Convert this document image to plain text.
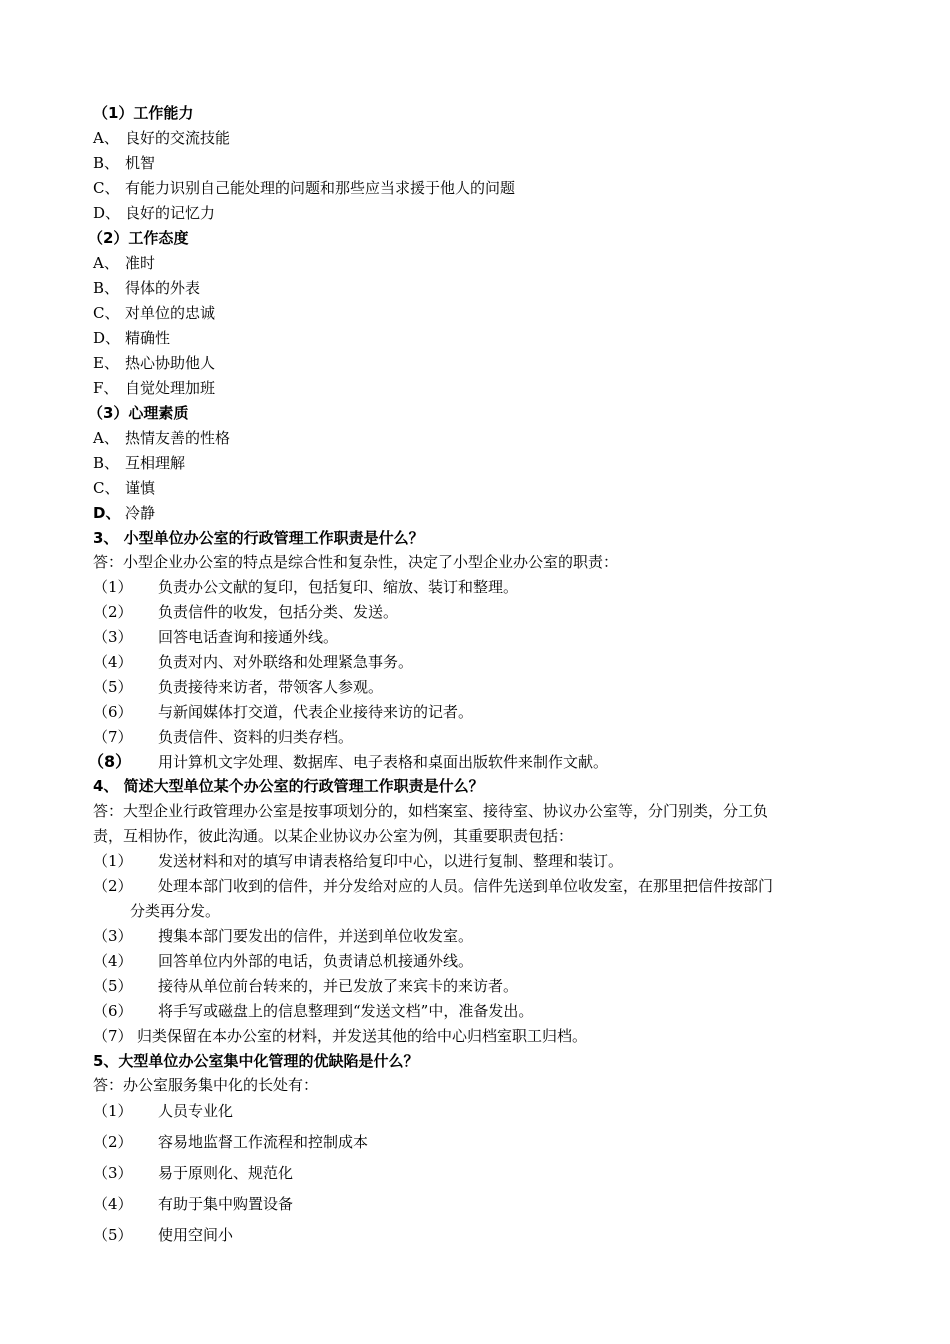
（1）工作能力
A、 良好的交流技能
B、 机智
C、 有能力识别自己能处理的问题和那些应当求援于他人的问题
D、 良好的记忆力
（2）工作态度
A、 准时
B、 得体的外表
C、 对单位的忠诚
D、 精确性
E、 热心协助他人
F、 自觉处理加班
（3）心理素质
A、 热情友善的性格
B、 互相理解
C、 谨慎
D、 冷静
3、 小型单位办公室的行政管理工作职责是什么？
答：小型企业办公室的特点是综合性和复杂性，决定了小型企业办公室的职责：
（1） 负责办公文献的复印，包括复印、缩放、装订和整理。
（2） 负责信件的收发，包括分类、发送。
（3） 回答电话查询和接通外线。
（4） 负责对内、对外联络和处理紧急事务。
（5） 负责接待来访者，带领客人参观。
（6） 与新闻媒体打交道，代表企业接待来访的记者。
（7） 负责信件、资料的归类存档。
（8） 用计算机文字处理、数据库、电子表格和桌面出版软件来制作文献。
4、 简述大型单位某个办公室的行政管理工作职责是什么？
答：大型企业行政管理办公室是按事项划分的，如档案室、接待室、协议办公室等，分门别类，分工负
责，互相协作，彼此沟通。以某企业协议办公室为例，其重要职责包括：
（1） 发送材料和对的填写申请表格给复印中心，以进行复制、整理和装订。
（2） 处理本部门收到的信件，并分发给对应的人员。信件先送到单位收发室，在那里把信件按部门
分类再分发。
（3） 搜集本部门要发出的信件，并送到单位收发室。
（4） 回答单位内外部的电话，负责请总机接通外线。
（5） 接待从单位前台转来的，并已发放了来宾卡的来访者。
（6） 将手写或磁盘上的信息整理到“发送文档”中，准备发出。
（7） 归类保留在本办公室的材料，并发送其他的给中心归档室职工归档。
5、大型单位办公室集中化管理的优缺陷是什么？
答：办公室服务集中化的长处有：
（1） 人员专业化
（2） 容易地监督工作流程和控制成本
（3） 易于原则化、规范化
（4） 有助于集中购置设备
（5） 使用空间小
